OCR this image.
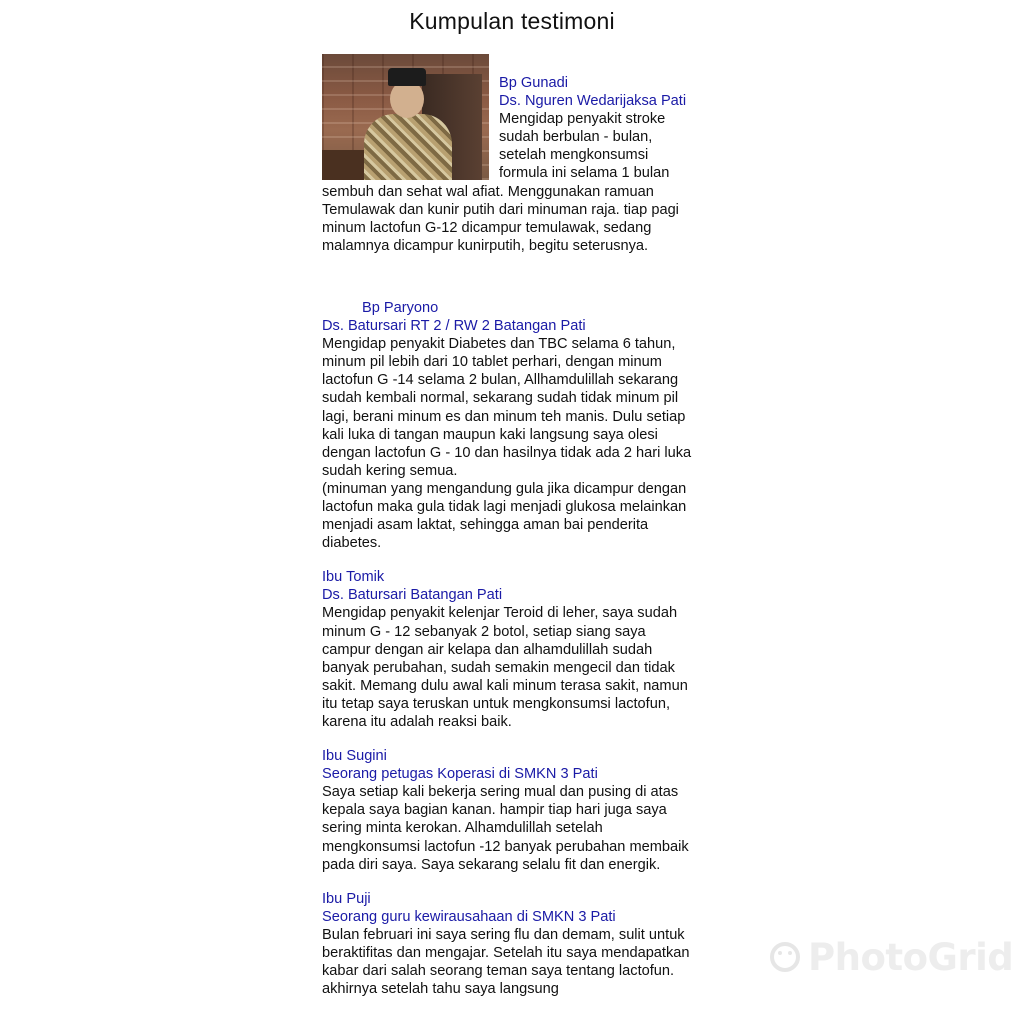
Kumpulan testimoni
Bp Gunadi
Ds. Nguren Wedarijaksa Pati

Mengidap penyakit stroke sudah berbulan - bulan, setelah mengkonsumsi formula ini selama 1 bulan sembuh dan sehat wal afiat. Menggunakan ramuan Temulawak dan kunir putih dari minuman raja. tiap pagi minum lactofun G-12 dicampur temulawak, sedang malamnya dicampur kunirputih, begitu seterusnya.

Bp Paryono
Ds. Batursari RT 2 / RW 2 Batangan Pati

Mengidap penyakit Diabetes dan TBC selama 6 tahun, minum pil lebih dari 10 tablet perhari, dengan minum lactofun G -14 selama 2 bulan, Allhamdulillah sekarang sudah kembali normal, sekarang sudah tidak minum pil lagi, berani minum es dan minum teh manis. Dulu setiap kali luka di tangan maupun kaki langsung saya olesi dengan lactofun G - 10 dan hasilnya tidak ada 2 hari luka sudah kering semua.

(minuman yang mengandung gula jika dicampur dengan lactofun maka gula tidak lagi menjadi glukosa melainkan menjadi asam laktat, sehingga aman bai penderita diabetes.

Ibu Tomik
Ds. Batursari Batangan Pati

Mengidap penyakit kelenjar Teroid di leher, saya sudah minum G - 12 sebanyak 2 botol, setiap siang saya campur dengan air kelapa dan alhamdulillah sudah banyak perubahan, sudah semakin mengecil dan tidak sakit. Memang dulu awal kali minum terasa sakit, namun itu tetap saya teruskan untuk mengkonsumsi lactofun, karena itu adalah reaksi baik.

Ibu Sugini
Seorang petugas Koperasi di SMKN 3 Pati

Saya setiap kali bekerja sering mual dan pusing di atas kepala saya bagian kanan. hampir tiap hari juga saya sering minta kerokan. Alhamdulillah setelah mengkonsumsi lactofun -12 banyak perubahan membaik pada diri saya. Saya sekarang selalu fit dan energik.

Ibu Puji
Seorang guru kewirausahaan di SMKN 3 Pati

Bulan februari ini saya sering flu dan demam, sulit untuk beraktifitas dan mengajar. Setelah itu saya mendapatkan kabar dari salah seorang teman saya tentang lactofun. akhirnya setelah tahu saya langsung

PhotoGrid
